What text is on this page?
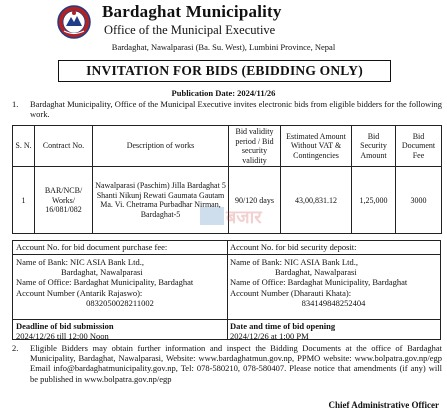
Bardaghat Municipality
Office of the Municipal Executive
Bardaghat, Nawalparasi (Ba. Su. West), Lumbini Province, Nepal
INVITATION FOR BIDS (EBIDDING ONLY)
Publication Date: 2024/11/26
1. Bardaghat Municipality, Office of the Municipal Executive invites electronic bids from eligible bidders for the following work.
S. N.	Contract No.	Description of works	Bid validity period / Bid security validity	Estimated Amount Without VAT & Contingencies	Bid Security Amount	Bid Document Fee
1	BAR/NCB/ Works/ 16/081/082	Nawalparasi (Paschim) Jilla Bardaghat 5 Shanti Nikunj Rewati Gaumata Gautam Ma. Vi. Chetrama Purbadhar Nirman, Bardaghat-5	90/120 days	43,00,831.12	1,25,000	3000
बजार
Account No. for bid document purchase fee:
Name of Bank: NIC ASIA Bank Ltd.,
Bardaghat, Nawalparasi
Name of Office: Bardaghat Municipality, Bardaghat
Account Number (Antarik Rajaswo):
0832050028211002
Deadline of bid submission
2024/12/26 till 12:00 Noon
Account No. for bid security deposit:
Name of Bank: NIC ASIA Bank Ltd.,
Bardaghat, Nawalparasi
Name of Office: Bardaghat Municipality, Bardaghat
Account Number (Dharauti Khata):
834149848252404
Date and time of bid opening
2024/12/26 at 1:00 PM
2. Eligible Bidders may obtain further information and inspect the Bidding Documents at the office of Bardaghat Municipality, Bardaghat, Nawalparasi, Website: www.bardaghatmun.gov.np, PPMO website: www.bolpatra.gov.np/egp Email info@bardaghatmunicipality.gov.np, Tel: 078-580210, 078-580407. Please notice that amendments (if any) will be published in www.bolpatra.gov.np/egp
Chief Administrative Officer
